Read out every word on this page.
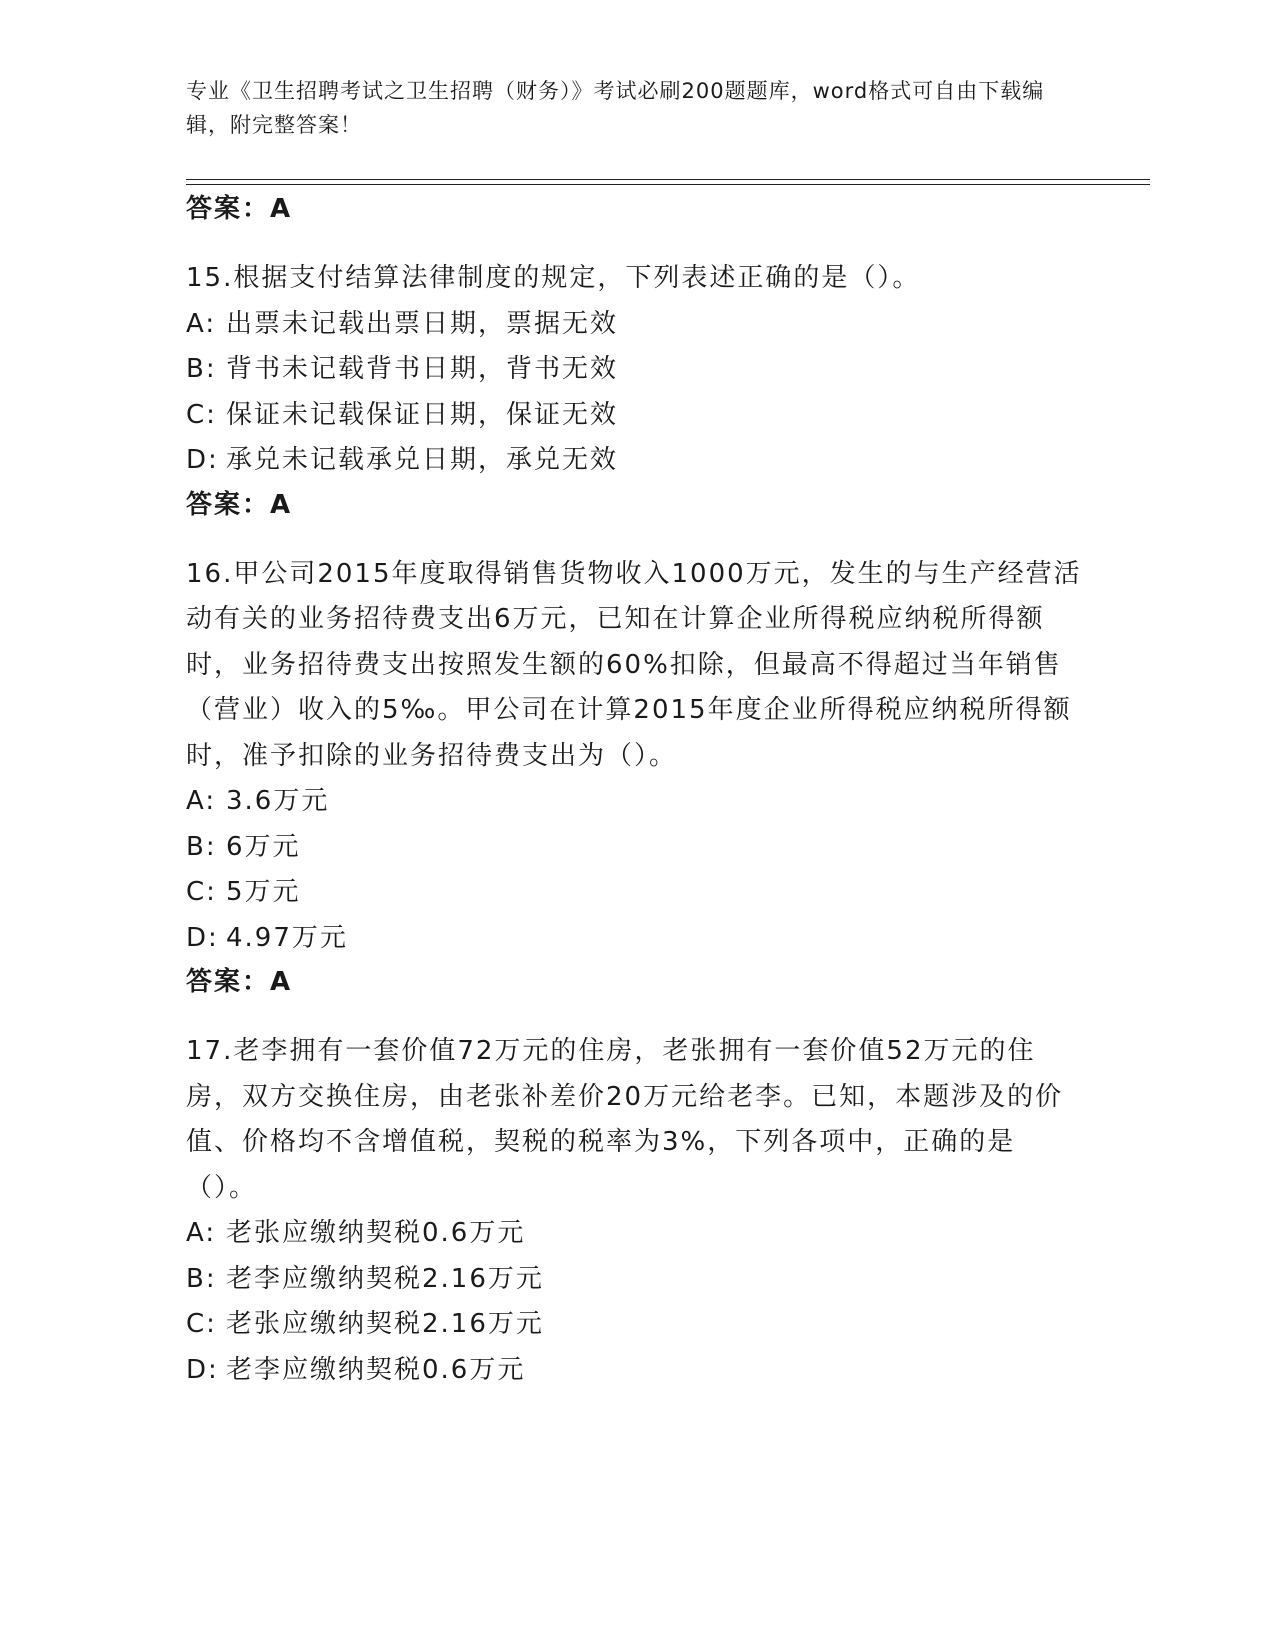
专业《卫生招聘考试之卫生招聘（财务）》考试必刷200题题库，word格式可自由下载编辑，附完整答案！
答案：A

15.根据支付结算法律制度的规定，下列表述正确的是（）。

A: 出票未记载出票日期，票据无效

B: 背书未记载背书日期，背书无效

C: 保证未记载保证日期，保证无效

D: 承兑未记载承兑日期，承兑无效

答案：A

16.甲公司2015年度取得销售货物收入1000万元，发生的与生产经营活动有关的业务招待费支出6万元，已知在计算企业所得税应纳税所得额时，业务招待费支出按照发生额的60%扣除，但最高不得超过当年销售（营业）收入的5‰。甲公司在计算2015年度企业所得税应纳税所得额时，准予扣除的业务招待费支出为（）。

A: 3.6万元

B: 6万元

C: 5万元

D: 4.97万元

答案：A

17.老李拥有一套价值72万元的住房，老张拥有一套价值52万元的住房，双方交换住房，由老张补差价20万元给老李。已知，本题涉及的价值、价格均不含增值税，契税的税率为3%，下列各项中，正确的是（）。

A: 老张应缴纳契税0.6万元

B: 老李应缴纳契税2.16万元

C: 老张应缴纳契税2.16万元

D: 老李应缴纳契税0.6万元
